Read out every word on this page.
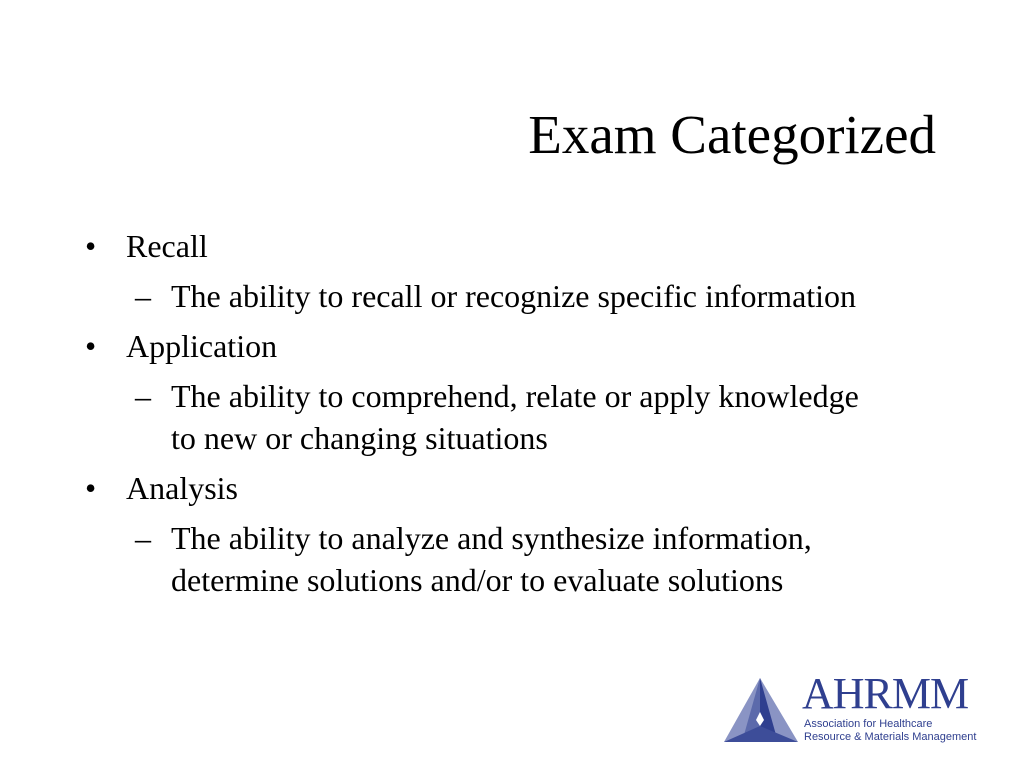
Exam Categorized
• Recall
– The ability to recall or recognize specific information
• Application
– The ability to comprehend, relate or apply knowledge to new or changing situations
• Analysis
– The ability to analyze and synthesize information, determine solutions and/or to evaluate solutions
AHRMM
Association for Healthcare
Resource & Materials Management
